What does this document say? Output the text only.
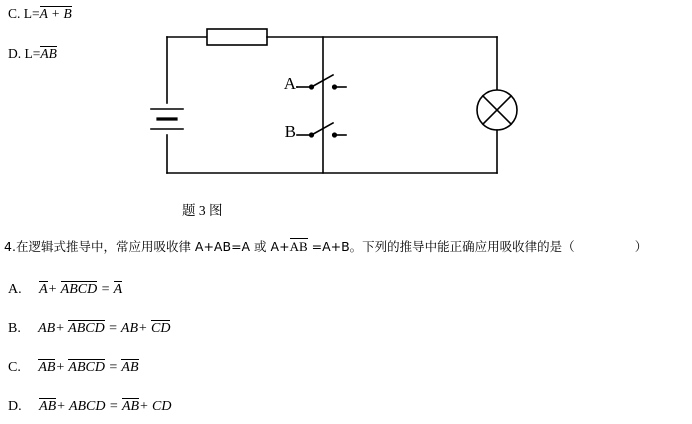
C. L=A + B
D. L=AB
A
B
题 3 图
4.在逻辑式推导中，常应用吸收律 A+AB=A 或 A+AB =A+B。下列的推导中能正确应用吸收律的是（	）
A. A+ ABCD = A
B. AB+ ABCD = AB+ CD
C. AB+ ABCD = AB
D. AB+ ABCD = AB+ CD
